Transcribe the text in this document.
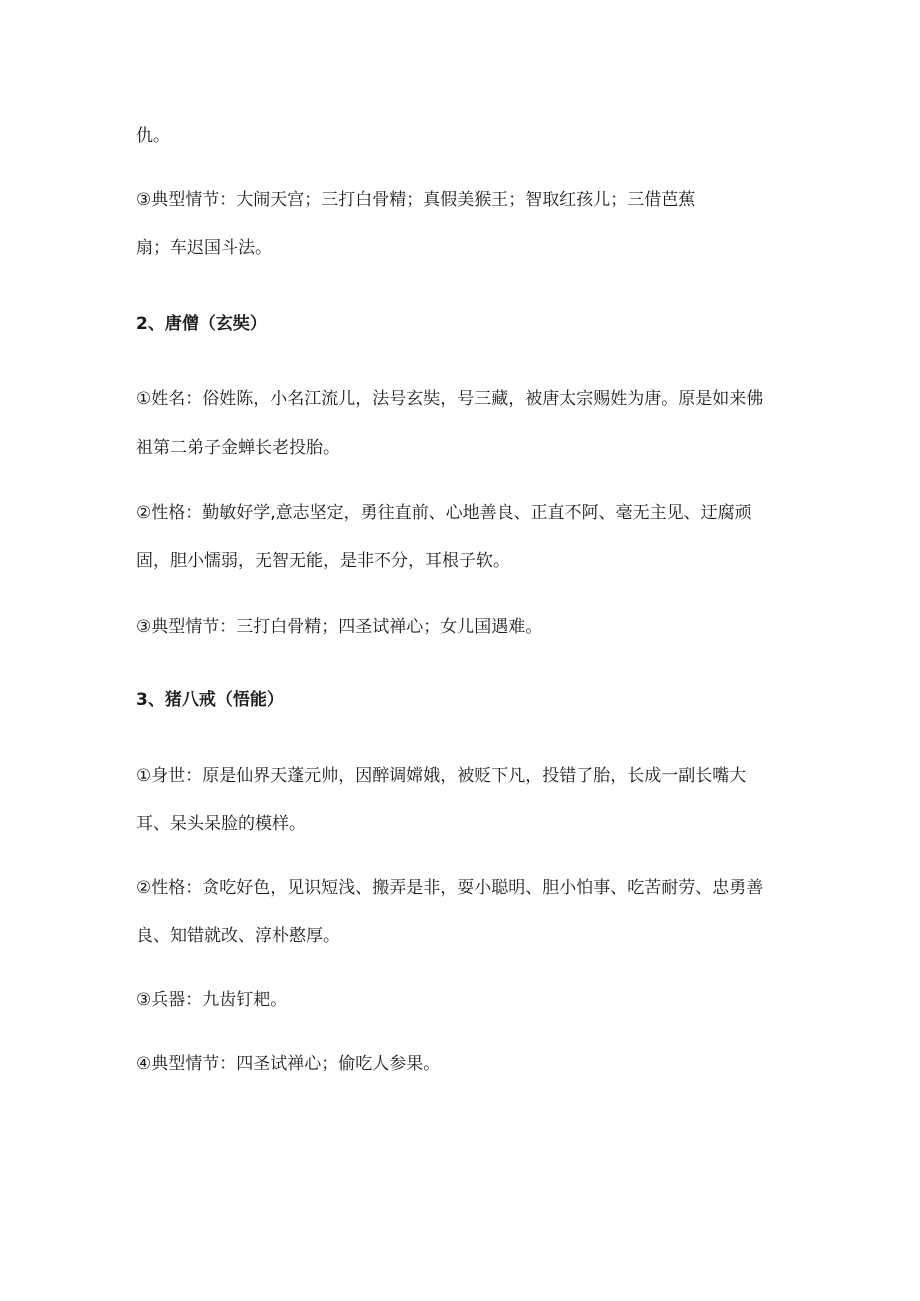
仇。

③典型情节：大闹天宫；三打白骨精；真假美猴王；智取红孩儿；三借芭蕉

扇；车迟国斗法。

2、唐僧（玄奘）

①姓名：俗姓陈，小名江流儿，法号玄奘，号三藏，被唐太宗赐姓为唐。原是如来佛

祖第二弟子金蝉长老投胎。

②性格：勤敏好学,意志坚定，勇往直前、心地善良、正直不阿、毫无主见、迂腐顽

固，胆小懦弱，无智无能，是非不分，耳根子软。

③典型情节：三打白骨精；四圣试禅心；女儿国遇难。

3、猪八戒（悟能）

①身世：原是仙界天蓬元帅，因醉调嫦娥，被贬下凡，投错了胎，长成一副长嘴大

耳、呆头呆脸的模样。

②性格：贪吃好色，见识短浅、搬弄是非，耍小聪明、胆小怕事、吃苦耐劳、忠勇善

良、知错就改、淳朴憨厚。

③兵器：九齿钉耙。

④典型情节：四圣试禅心；偷吃人参果。
